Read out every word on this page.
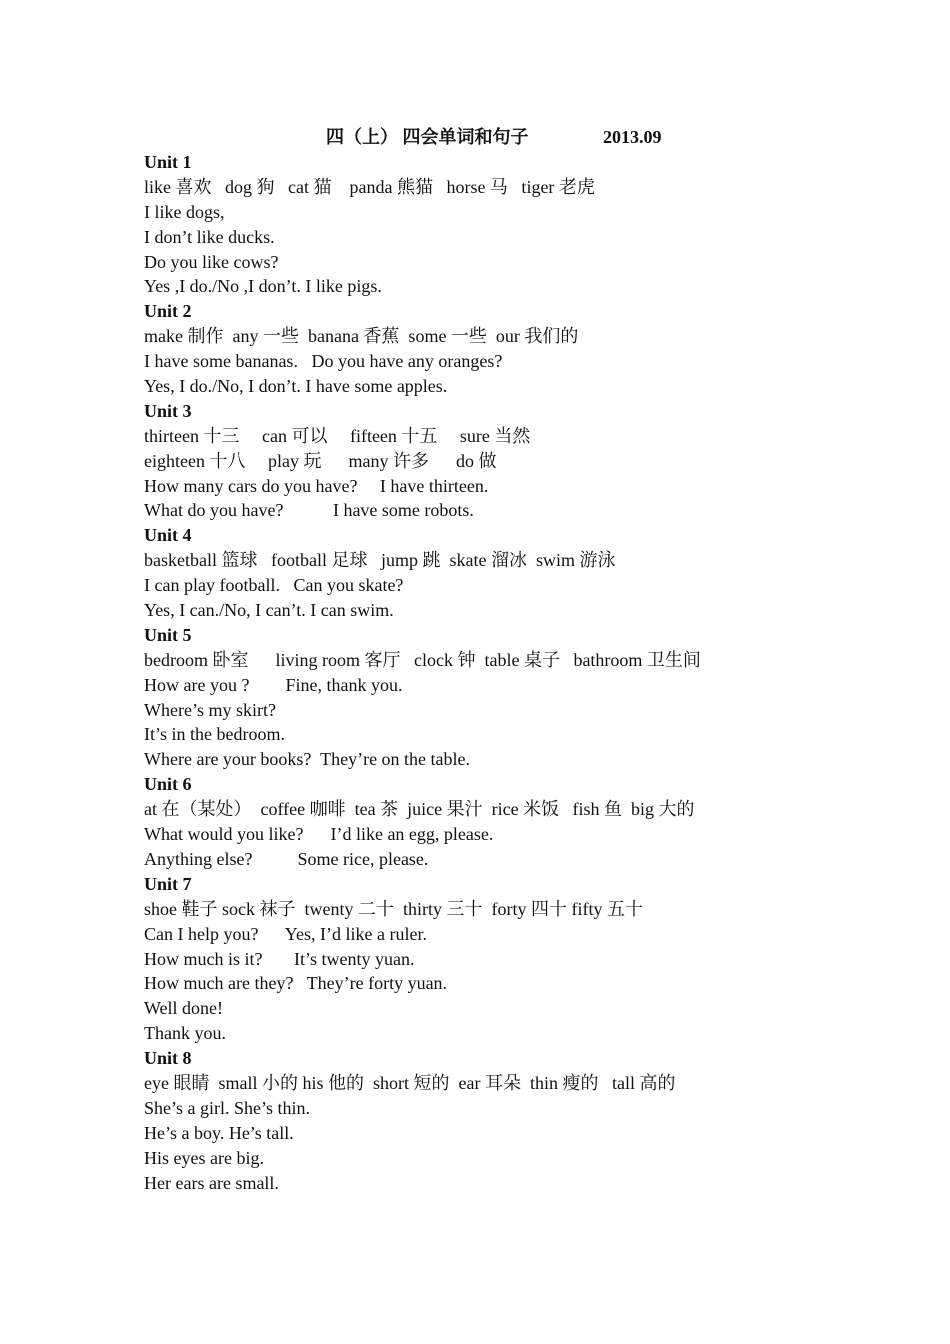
四（上） 四会单词和句子	2013.09
Unit 1
like 喜欢   dog 狗   cat 猫    panda 熊猫   horse 马   tiger 老虎
I like dogs,
I don’t like ducks.
Do you like cows?
Yes ,I do./No ,I don’t. I like pigs.
Unit 2
make 制作  any 一些  banana 香蕉  some 一些  our 我们的
I have some bananas.   Do you have any oranges?
Yes, I do./No, I don’t. I have some apples.
Unit 3
thirteen 十三     can 可以     fifteen 十五     sure 当然
eighteen 十八     play 玩      many 许多      do 做
How many cars do you have?     I have thirteen.
What do you have?           I have some robots.
Unit 4
basketball 篮球   football 足球   jump 跳  skate 溜冰  swim 游泳
I can play football.   Can you skate?
Yes, I can./No, I can’t. I can swim.
Unit 5
bedroom 卧室      living room 客厅   clock 钟  table 桌子   bathroom 卫生间
How are you ?        Fine, thank you.
Where’s my skirt?
It’s in the bedroom.
Where are your books?  They’re on the table.
Unit 6
at 在（某处）  coffee 咖啡  tea 茶  juice 果汁  rice 米饭   fish 鱼  big 大的
What would you like?      I’d like an egg, please.
Anything else?          Some rice, please.
Unit 7
shoe 鞋子 sock 袜子  twenty 二十  thirty 三十  forty 四十 fifty 五十
Can I help you?      Yes, I’d like a ruler.
How much is it?       It’s twenty yuan.
How much are they?   They’re forty yuan.
Well done!
Thank you.
Unit 8
eye 眼睛  small 小的 his 他的  short 短的  ear 耳朵  thin 瘦的   tall 高的
She’s a girl. She’s thin.
He’s a boy. He’s tall.
His eyes are big.
Her ears are small.
